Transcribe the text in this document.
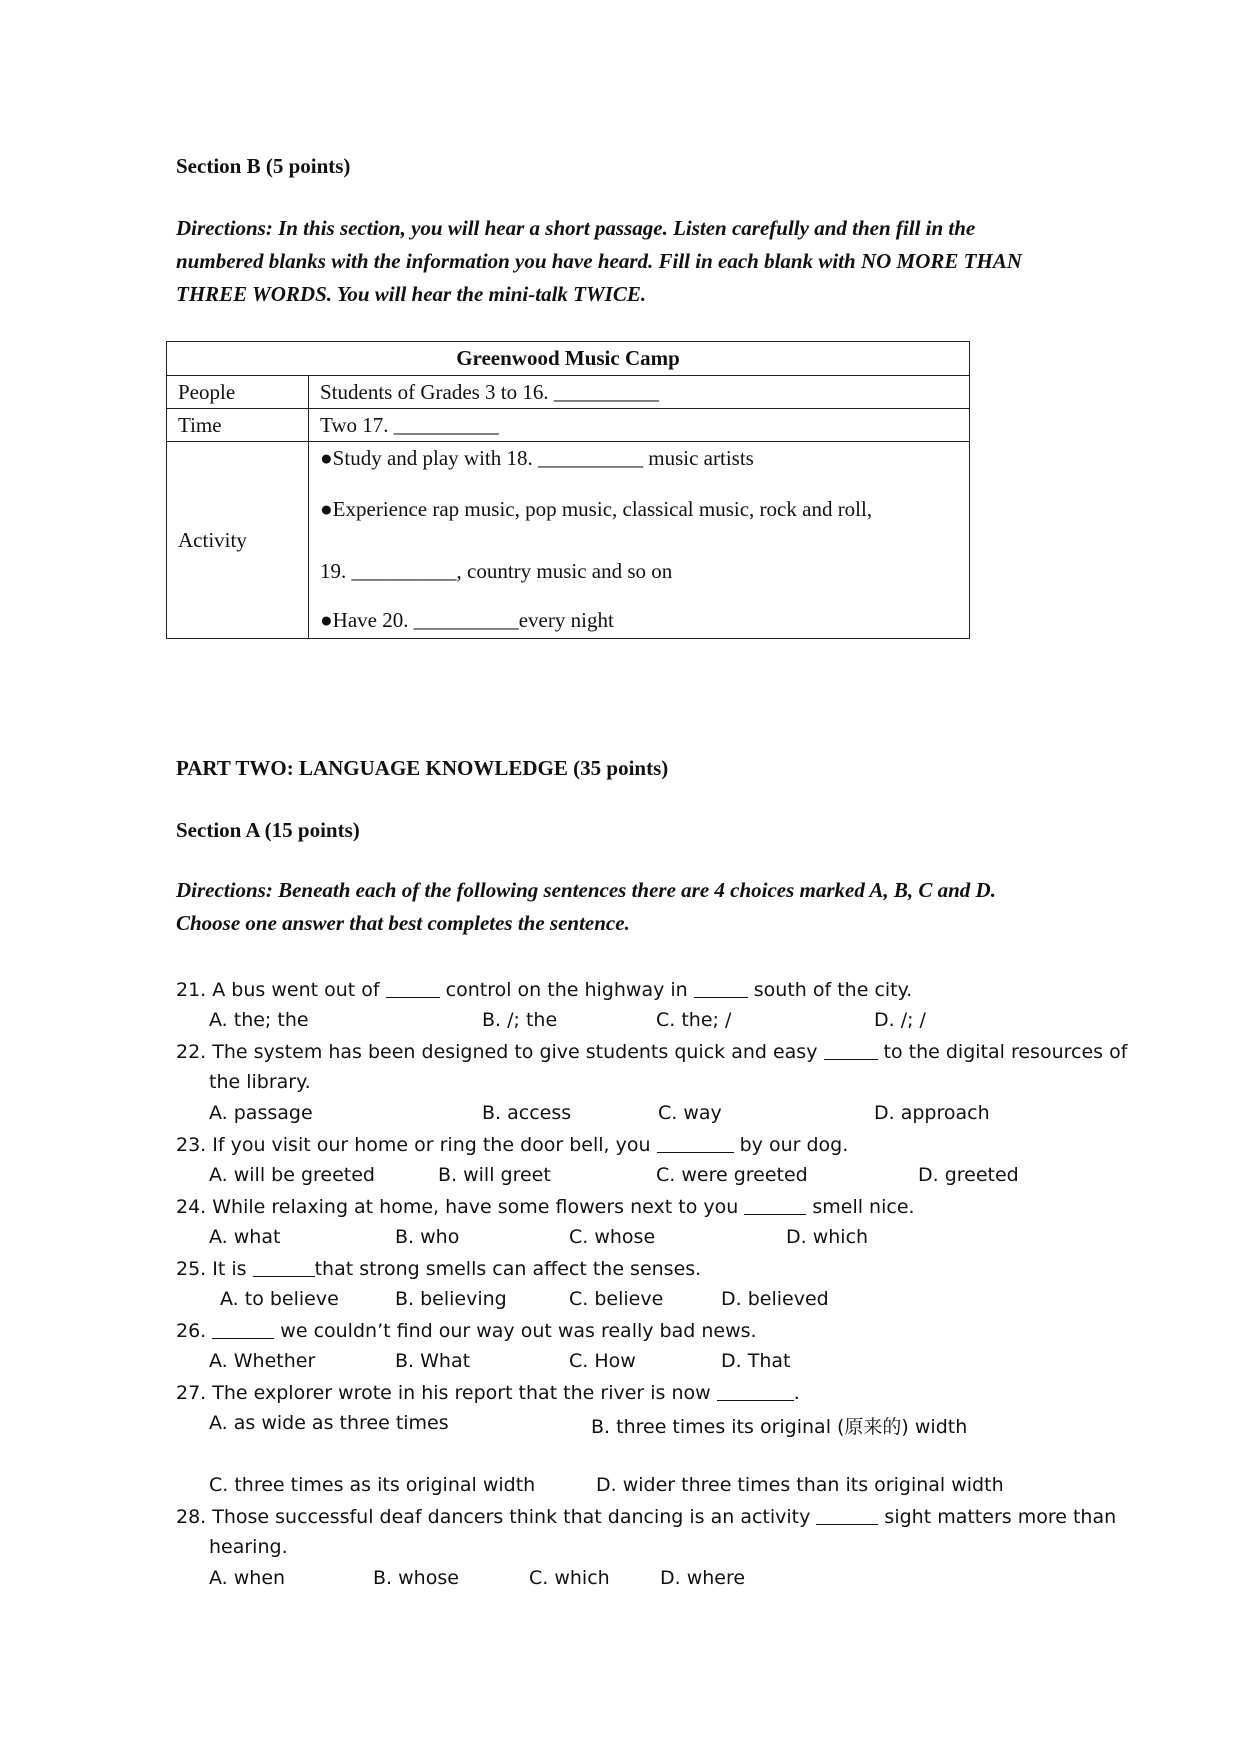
Section B (5 points)
Directions: In this section, you will hear a short passage. Listen carefully and then fill in the
numbered blanks with the information you have heard. Fill in each blank with NO MORE THAN
THREE WORDS. You will hear the mini-talk TWICE.
Greenwood Music Camp	
People	Students of Grades 3 to 16. __________
Time	Two 17. __________
Activity	●Study and play with 18. __________ music artists
●Experience rap music, pop music, classical music, rock and roll,
19. __________, country music and so on
●Have 20. __________every night
PART TWO: LANGUAGE KNOWLEDGE (35 points)
Section A (15 points)
Directions: Beneath each of the following sentences there are 4 choices marked A, B, C and D.
Choose one answer that best completes the sentence.
21. A bus went out of	control on the highway in	south of the city.
A. the; the	B. /; the	C. the; /	D. /; /
22. The system has been designed to give students quick and easy	to the digital resources of
the library.
A. passage	B. access	C. way	D. approach
23. If you visit our home or ring the door bell, you	by our dog.
A. will be greeted	B. will greet	C. were greeted	D. greeted
24. While relaxing at home, have some flowers next to you	smell nice.
A. what	B. who	C. whose	D. which
25. It is	that strong smells can affect the senses.
A. to believe	B. believing	C. believe	D. believed
26.	we couldn’t find our way out was really bad news.
A. Whether	B. What	C. How	D. That
27. The explorer wrote in his report that the river is now	.
A. as wide as three times	B. three times its original (原来的) width
C. three times as its original width	D. wider three times than its original width
28. Those successful deaf dancers think that dancing is an activity	sight matters more than
hearing.
A. when	B. whose	C. which	D. where
